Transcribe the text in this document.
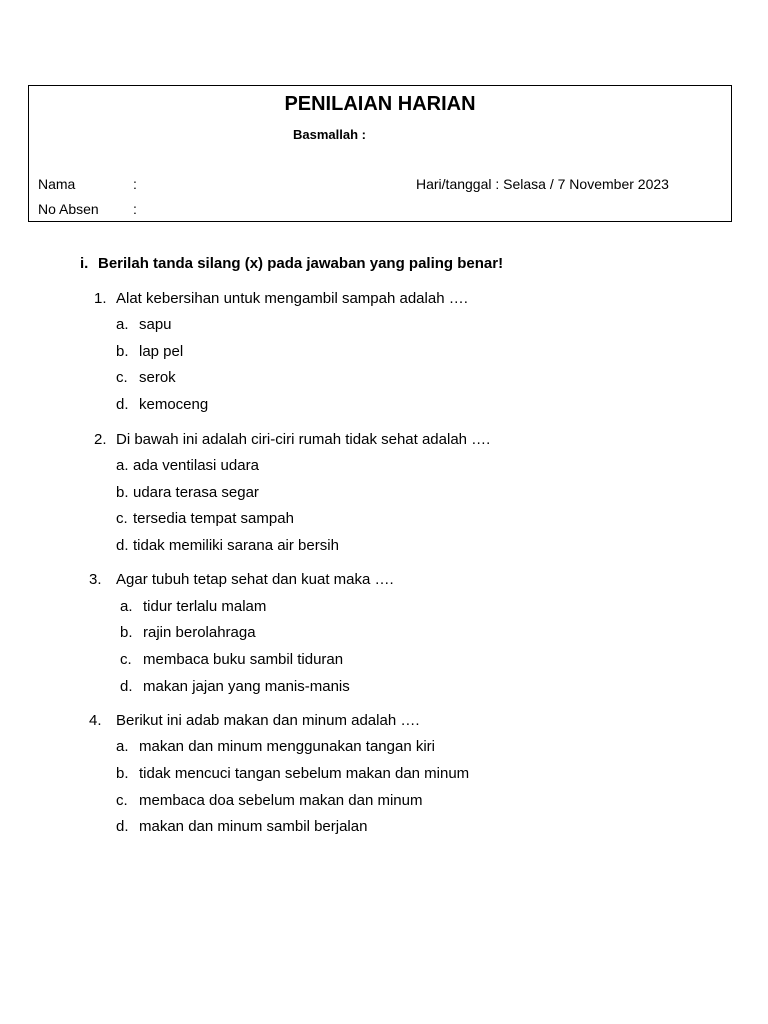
PENILAIAN HARIAN
Basmallah :
Nama	:
No Absen :
Hari/tanggal : Selasa / 7 November 2023
i. Berilah tanda silang (x) pada jawaban yang paling benar!
1. Alat kebersihan untuk mengambil sampah adalah ….
a. sapu
b. lap pel
c. serok
d. kemoceng
2. Di bawah ini adalah ciri-ciri rumah tidak sehat adalah ….
a. ada ventilasi udara
b. udara terasa segar
c. tersedia tempat sampah
d. tidak memiliki sarana air bersih
3. Agar tubuh tetap sehat dan kuat maka ….
a. tidur terlalu malam
b. rajin berolahraga
c. membaca buku sambil tiduran
d. makan jajan yang manis-manis
4. Berikut ini adab makan dan minum adalah ….
a. makan dan minum menggunakan tangan kiri
b. tidak mencuci tangan sebelum makan dan minum
c. membaca doa sebelum makan dan minum
d. makan dan minum sambil berjalan
